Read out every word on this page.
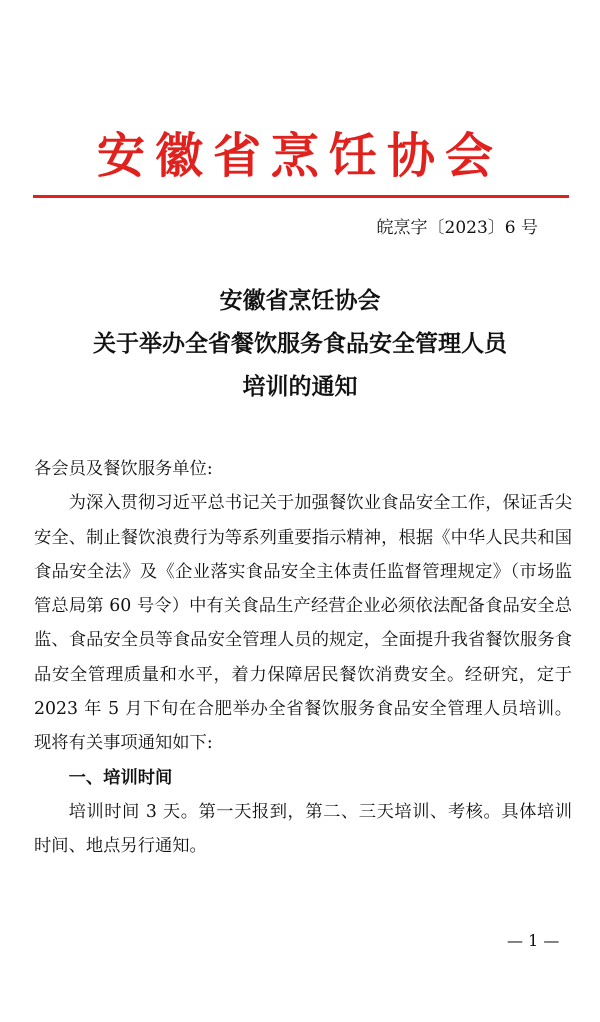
安徽省烹饪协会
皖烹字〔2023〕6 号
安徽省烹饪协会
关于举办全省餐饮服务食品安全管理人员
培训的通知

各会员及餐饮服务单位:

为深入贯彻习近平总书记关于加强餐饮业食品安全工作，保证舌尖安全、制止餐饮浪费行为等系列重要指示精神，根据《中华人民共和国食品安全法》及《企业落实食品安全主体责任监督管理规定》（市场监管总局第 60 号令）中有关食品生产经营企业必须依法配备食品安全总监、食品安全员等食品安全管理人员的规定，全面提升我省餐饮服务食品安全管理质量和水平，着力保障居民餐饮消费安全。经研究，定于 2023 年 5 月下旬在合肥举办全省餐饮服务食品安全管理人员培训。现将有关事项通知如下:

一、培训时间

培训时间 3 天。第一天报到，第二、三天培训、考核。具体培训时间、地点另行通知。

— 1 —
